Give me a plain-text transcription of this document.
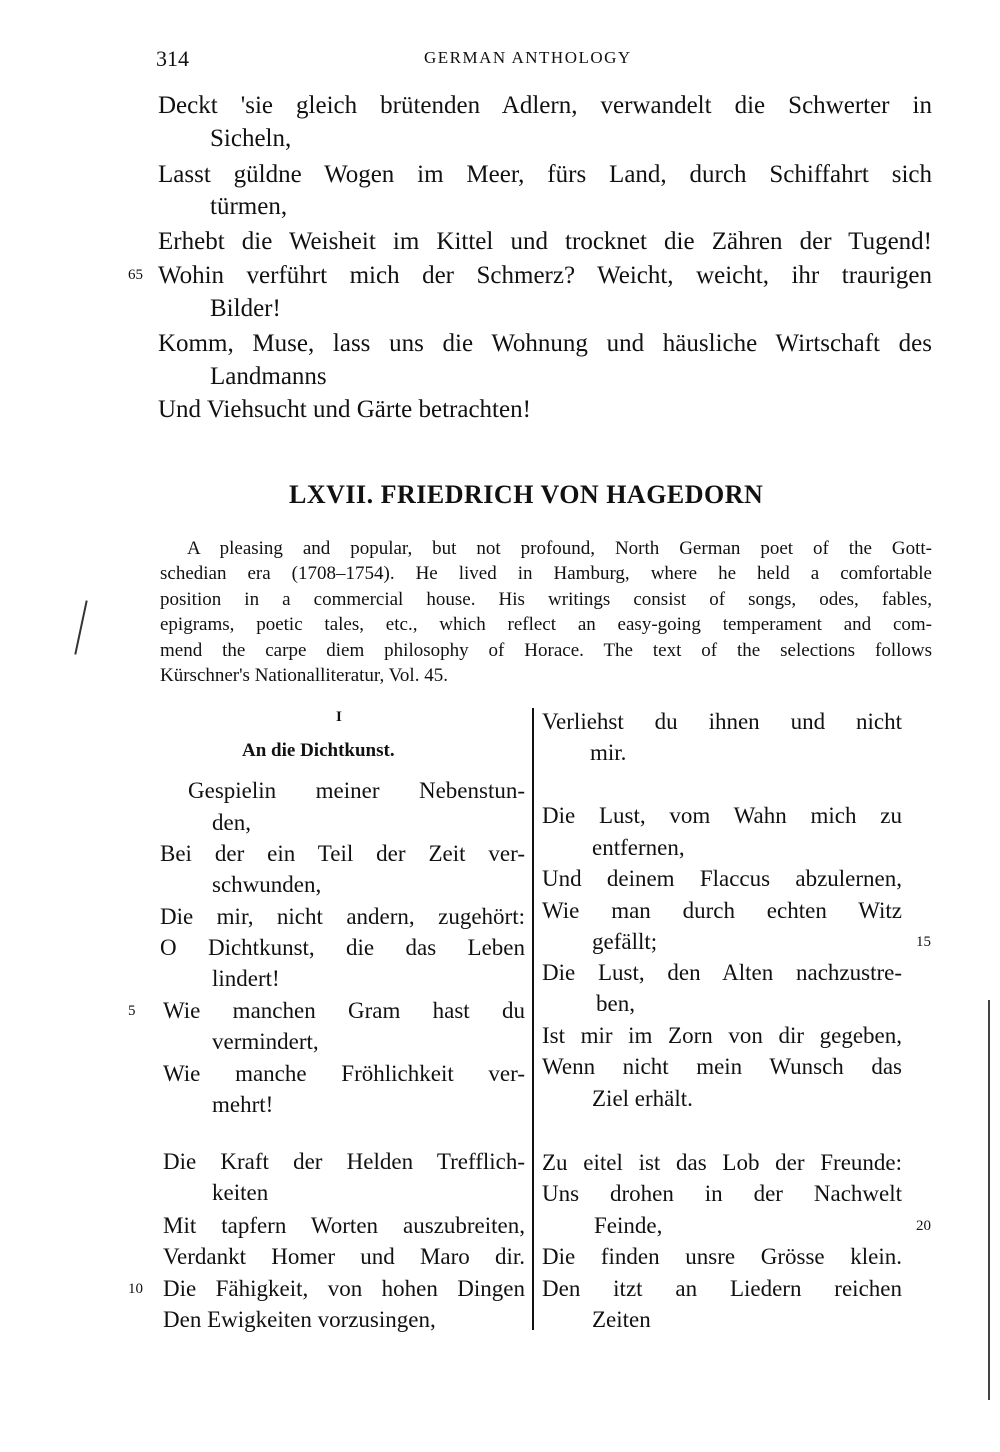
314	GERMAN ANTHOLOGY
LXVII. FRIEDRICH VON HAGEDORN
I
An die Dichtkunst.
Deckt 'sie gleich brütenden Adlern, verwandelt die Schwerter in
Sicheln,
Lasst güldne Wogen im Meer, fürs Land, durch Schiffahrt sich
türmen,
Erhebt die Weisheit im Kittel und trocknet die Zähren der Tugend!
Wohin verführt mich der Schmerz? Weicht, weicht, ihr traurigen
65
Bilder!
Komm, Muse, lass uns die Wohnung und häusliche Wirtschaft des
Landmanns
Und Viehsucht und Gärte betrachten!
A pleasing and popular, but not profound, North German poet of the Gott-
schedian era (1708–1754). He lived in Hamburg, where he held a comfortable
position in a commercial house. His writings consist of songs, odes, fables,
epigrams, poetic tales, etc., which reflect an easy-going temperament and com-
mend the carpe diem philosophy of Horace. The text of the selections follows
Kürschner's Nationalliteratur, Vol. 45.
Gespielin meiner Nebenstun-
den,
Bei der ein Teil der Zeit ver-
schwunden,
Die mir, nicht andern, zugehört:
O Dichtkunst, die das Leben
lindert!
Wie manchen Gram hast du
5
vermindert,
Wie manche Fröhlichkeit ver-
mehrt!
Die Kraft der Helden Trefflich-
keiten
Mit tapfern Worten auszubreiten,
Verdankt Homer und Maro dir.
Die Fähigkeit, von hohen Dingen
10
Den Ewigkeiten vorzusingen,
Verliehst du ihnen und nicht
mir.
Die Lust, vom Wahn mich zu
entfernen,
Und deinem Flaccus abzulernen,
Wie man durch echten Witz
gefällt;	15
Die Lust, den Alten nachzustre-
ben,
Ist mir im Zorn von dir gegeben,
Wenn nicht mein Wunsch das
Ziel erhält.
Zu eitel ist das Lob der Freunde:
Uns drohen in der Nachwelt
Feinde,	20
Die finden unsre Grösse klein.
Den itzt an Liedern reichen
Zeiten
